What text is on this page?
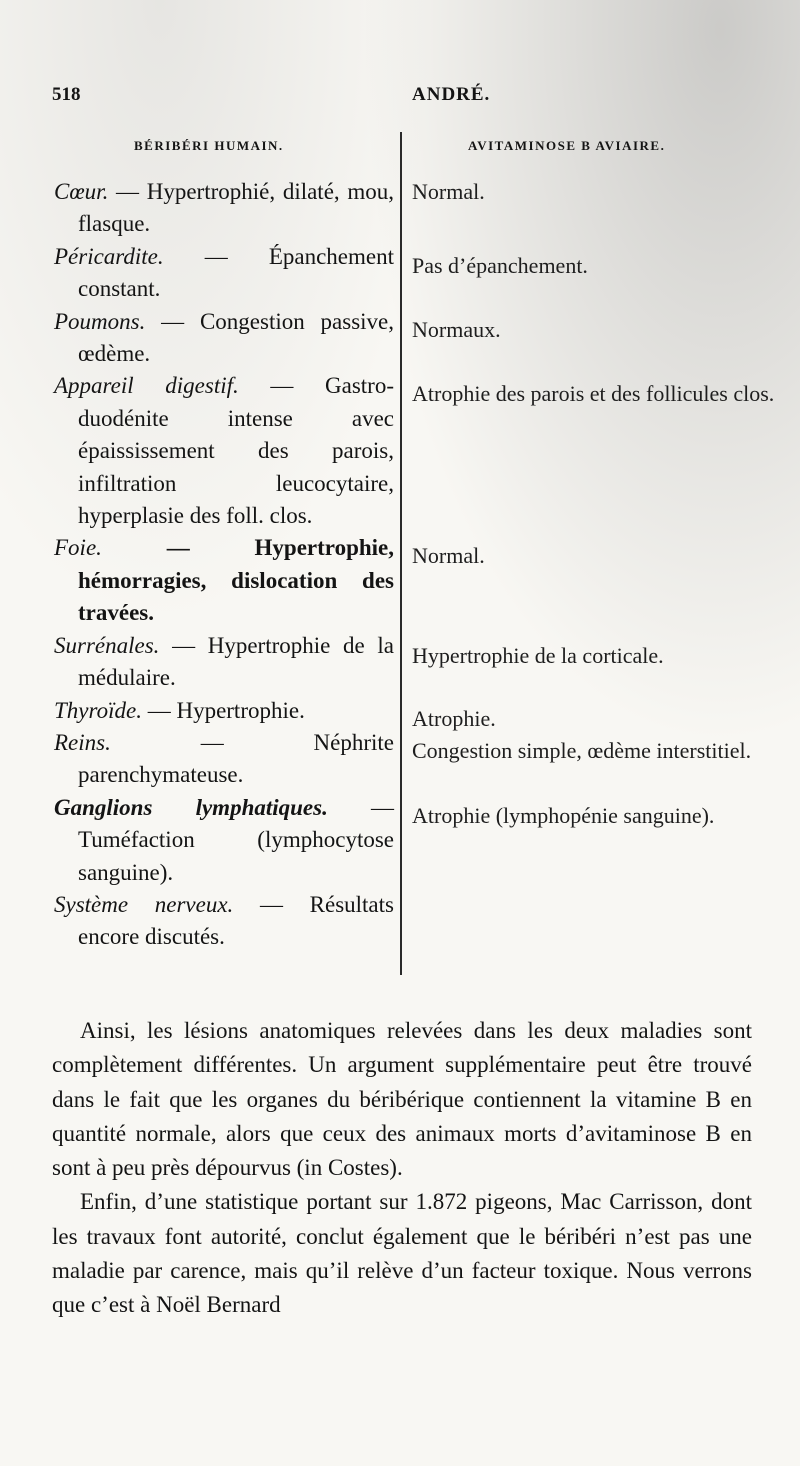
518	ANDRÉ.
BÉRIBÉRI HUMAIN.	AVITAMINOSE B AVIAIRE.

Cœur. — Hypertrophié, dilaté, mou, flasque.

Péricardite. — Épanchement constant.

Poumons. — Congestion passive, œdème.

Appareil digestif. — Gastro-duodénite intense avec épaississement des parois, infiltration leucocytaire, hyperplasie des foll. clos.

Foie. — Hypertrophie, hémorragies, dislocation des travées.

Surrénales. — Hypertrophie de la médulaire.

Thyroïde. — Hypertrophie.

Reins. — Néphrite parenchymateuse.

Ganglions lymphatiques. — Tuméfaction (lymphocytose sanguine).

Système nerveux. — Résultats encore discutés.

Normal.
Pas d’épanchement.
Normaux.
Atrophie des parois et des follicules clos.
Normal.
Hypertrophie de la corticale.
Atrophie.
Congestion simple, œdème interstitiel.
Atrophie (lymphopénie sanguine).

Ainsi, les lésions anatomiques relevées dans les deux maladies sont complètement différentes. Un argument supplémentaire peut être trouvé dans le fait que les organes du béribérique contiennent la vitamine B en quantité normale, alors que ceux des animaux morts d’avitaminose B en sont à peu près dépourvus (in Costes).

Enfin, d’une statistique portant sur 1.872 pigeons, Mac Carrisson, dont les travaux font autorité, conclut également que le béribéri n’est pas une maladie par carence, mais qu’il relève d’un facteur toxique. Nous verrons que c’est à Noël Bernard
